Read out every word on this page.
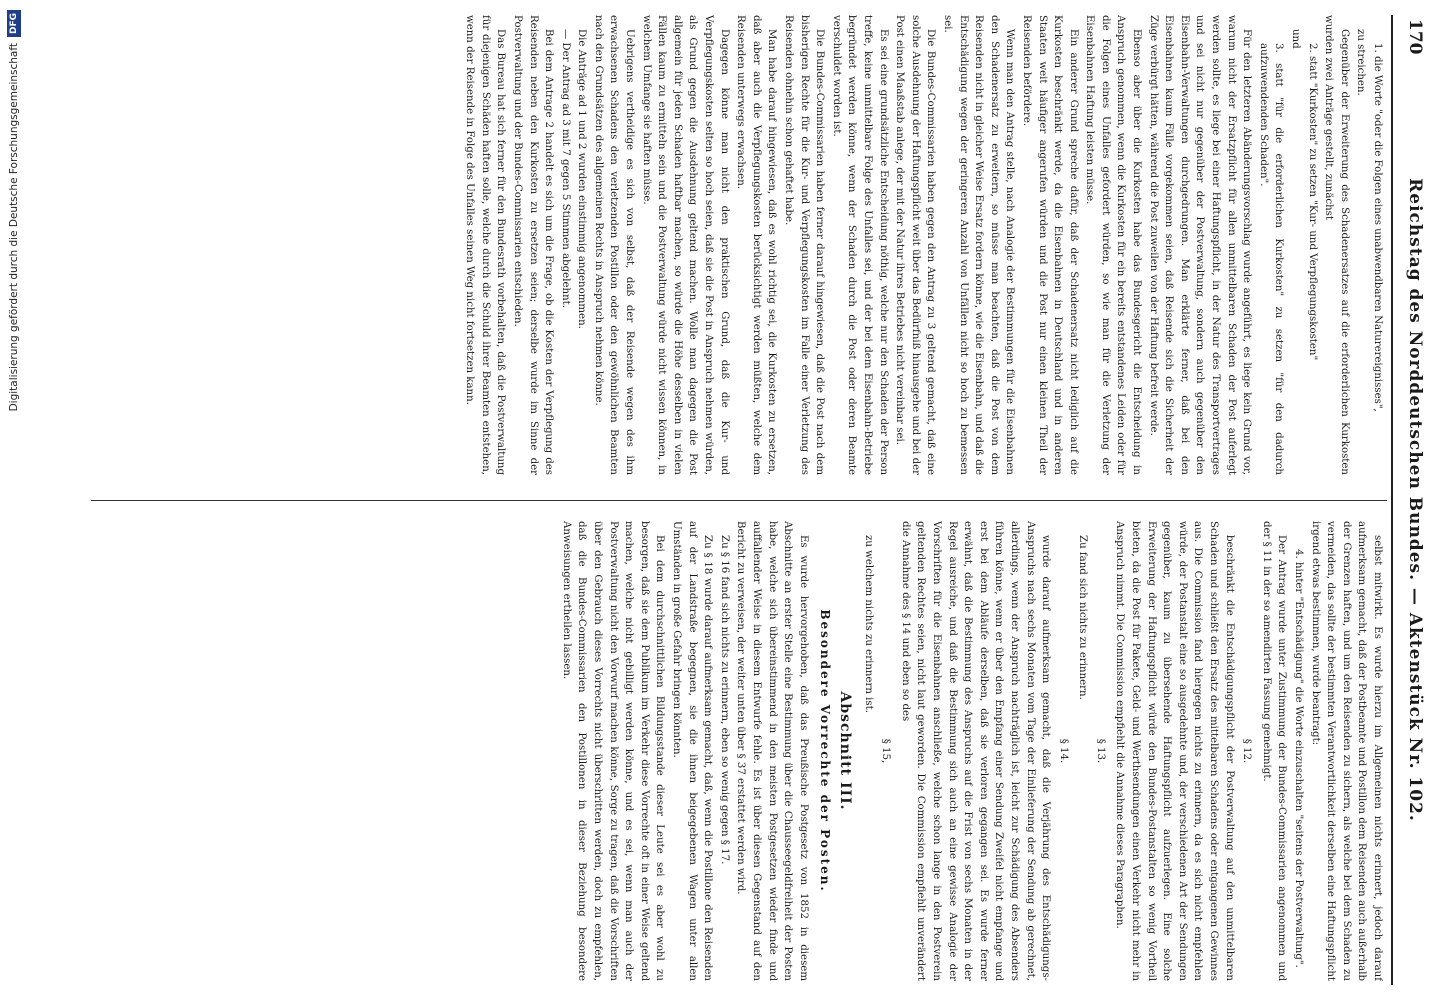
170
Reichstag des Norddeutschen Bundes. — Aktenstück Nr. 102.

1. die Worte "oder die Folgen eines unabwendbaren Naturereignisses",

zu streichen.

Gegenüber der Erweiterung des Schadenersatzes auf die erforderlichen Kurkosten wurden zwei Anträge gestellt, zunächst

2. statt "Kurkosten" zu setzen "Kur- und Verpflegungskosten"

und

3. statt "für die erforderlichen Kurkosten" zu setzen "für den dadurch aufzuwendenden Schaden".

Für den letzteren Abänderungsvorschlag wurde angeführt, es liege kein Grund vor, warum nicht der Ersatzpflicht für allen unmittelbaren Schaden der Post auferlegt werden sollte, es liege bei einer Haftungspflicht, in der Natur des Transportvertrages und sei nicht nur gegenüber der Postverwaltung, sondern auch gegenüber den Eisenbahn-Verwaltungen durchgedrungen. Man erklärte ferner, daß bei den Eisenbahnen kaum Fälle vorgekommen seien, daß Reisende sich die Sicherheit der Züge verbürgt hätten, während die Post zuweilen von der Haftung befreit werde.

Ebenso aber über die Kurkosten habe das Bundesgericht die Entscheidung in Anspruch genommen, wenn die Kurkosten für ein bereits entstandenes Leiden oder für die Folgen eines Unfalles gefordert würden, so wie man für die Verletzung der Eisenbahnen Haftung leisten müsse.

Ein anderer Grund spreche dafür, daß der Schadenersatz nicht lediglich auf die Kurkosten beschränkt werde, da die Eisenbahnen in Deutschland und in anderen Staaten weit häufiger angerufen würden und die Post nur einen kleinen Theil der Reisenden befördere.

Wenn man den Antrag stelle, nach Analogie der Bestimmungen für die Eisenbahnen den Schadenersatz zu erweitern, so müsse man beachten, daß die Post von dem Reisenden nicht in gleicher Weise Ersatz fordern könne, wie die Eisenbahn, und daß die Entschädigung wegen der geringeren Anzahl von Unfällen nicht so hoch zu bemessen sei.

Die Bundes-Commissarien haben gegen den Antrag zu 3 geltend gemacht, daß eine solche Ausdehnung der Haftungspflicht weit über das Bedürfniß hinausgehe und bei der Post einen Maaßstab anlege, der mit der Natur ihres Betriebes nicht vereinbar sei.

Es sei eine grundsätzliche Entscheidung nöthig, welche nur den Schaden der Person treffe, keine unmittelbare Folge des Unfalles sei, und der bei dem Eisenbahn-Betriebe begründet werden könne, wenn der Schaden durch die Post oder deren Beamte verschuldet worden ist.

Die Bundes-Commissarien haben ferner darauf hingewiesen, daß die Post nach dem bisherigen Rechte für die Kur- und Verpflegungskosten im Falle einer Verletzung des Reisenden ohnehin schon gehaftet habe.

Man habe darauf hingewiesen, daß es wohl richtig sei, die Kurkosten zu ersetzen, daß aber auch die Verpflegungskosten berücksichtigt werden müßten, welche dem Reisenden unterwegs erwachsen.

Dagegen könne man nicht den praktischen Grund, daß die Kur- und Verpflegungskosten selten so hoch seien, daß sie die Post in Anspruch nehmen würden, als Grund gegen die Ausdehnung geltend machen. Wolle man dagegen die Post allgemein für jeden Schaden haftbar machen, so würde die Höhe desselben in vielen Fällen kaum zu ermitteln sein und die Postverwaltung würde nicht wissen können, in welchem Umfange sie haften müsse.

Uebrigens vertheidige es sich von selbst, daß der Reisende wegen des ihm erwachsenen Schadens den verletzenden Postillon oder den gewöhnlichen Beamten nach den Grundsätzen des allgemeinen Rechts in Anspruch nehmen könne.

Die Anträge ad 1 und 2 wurden einstimmig angenommen.

— Der Antrag ad 3 mit 7 gegen 5 Stimmen abgelehnt.

Bei dem Antrage 2 handelt es sich um die Frage, ob die Kosten der Verpflegung des Reisenden neben den Kurkosten zu ersetzen seien; derselbe wurde im Sinne der Postverwaltung und der Bundes-Commissarien entschieden.

Das Bureau hat sich ferner für den Bundesrath vorbehalten, daß die Postverwaltung für diejenigen Schäden haften solle, welche durch die Schuld ihrer Beamten entstehen, wenn der Reisende in Folge des Unfalles seinen Weg nicht fortsetzen kann.

selbst mitwirkt. Es wurde hierzu im Allgemeinen nichts erinnert, jedoch darauf aufmerksam gemacht, daß der Postbeamte und Postillon dem Reisenden auch außerhalb der Grenzen haften, und um den Reisenden zu sichern, als welche bei dem Schaden zu vermeiden, das sollte der bestimmten Verantwortlichkeit derselben eine Haftungspflicht irgend etwas bestimmen, wurde beantragt:

4. hinter "Entschädigung" die Worte einzuschalten "seitens der Postverwaltung".

Der Antrag wurde unter Zustimmung der Bundes-Commissarien angenommen und der § 11 in der so amendirten Fassung genehmigt.

§ 12.

beschränkt die Entschädigungspflicht der Postverwaltung auf den unmittelbaren Schaden und schließt den Ersatz des mittelbaren Schadens oder entgangenen Gewinnes aus. Die Commission fand hiergegen nichts zu erinnern, da es sich nicht empfehlen würde, der Postanstalt eine so ausgedehnte und, der verschiedenen Art der Sendungen gegenüber, kaum zu übersehende Haftungspflicht aufzuerlegen. Eine solche Erweiterung der Haftungspflicht würde den Bundes-Postanstalten so wenig Vortheil bieten, da die Post für Pakete, Geld- und Werthsendungen einen Verkehr nicht mehr in Anspruch nimmt. Die Commission empfiehlt die Annahme dieses Paragraphen.

§ 13.

Zu fand sich nichts zu erinnern.

§ 14.

wurde darauf aufmerksam gemacht, daß die Verjährung des Entschädigungs-Anspruchs nach sechs Monaten vom Tage der Einlieferung der Sendung ab gerechnet, allerdings, wenn der Anspruch nachträglich ist, leicht zur Schädigung des Absenders führen könne, wenn er über den Empfang einer Sendung Zweifel nicht empfange und erst bei dem Abläufe derselben, daß sie verloren gegangen sei. Es wurde ferner erwähnt, daß die Bestimmung des Anspruchs auf die Frist von sechs Monaten in der Regel ausreiche, und daß die Bestimmung sich auch an eine gewisse Analogie der Vorschriften für die Eisenbahnen anschließe, welche schon lange in den Postverein geltenden Rechtes seien, nicht laut geworden. Die Commission empfiehlt unverändert die Annahme des § 14 und eben so des

§ 15,

zu welchem nichts zu erinnern ist.

Abschnitt III.

Besondere Vorrechte der Posten.

Es wurde hervorgehoben, daß das Preußische Postgesetz von 1852 in diesem Abschnitte an erster Stelle eine Bestimmung über die Chausseegeldfreiheit der Posten habe, welche sich übereinstimmend in den meisten Postgesetzen wieder finde und auffallender Weise in diesem Entwurfe fehle. Es ist über diesen Gegenstand auf den Bericht zu verweisen, der weiter unten über § 37 erstattet werden wird.

Zu § 16 fand sich nichts zu erinnern, eben so wenig gegen § 17.

Zu § 18 wurde darauf aufmerksam gemacht, daß, wenn die Postillone den Reisenden auf der Landstraße begegnen, sie die ihnen beigegebenen Wagen unter allen Umständen in große Gefahr bringen könnten.

Bei dem durchschnittlichen Bildungsstande dieser Leute sei es aber wohl zu besorgen, daß sie dem Publikum im Verkehr diese Vorrechte oft in einer Weise geltend machen, welche nicht gebilligt werden könne, und es sei, wenn man auch der Postverwaltung nicht den Vorwurf machen könne, Sorge zu tragen, daß die Vorschriften über den Gebrauch dieses Vorrechts nicht überschritten werden, doch zu empfehlen, daß die Bundes-Commissarien den Postillonen in dieser Beziehung besondere Anweisungen ertheilen lassen.

Digitalisierung gefördert durch die Deutsche Forschungsgemeinschaft
DFG
